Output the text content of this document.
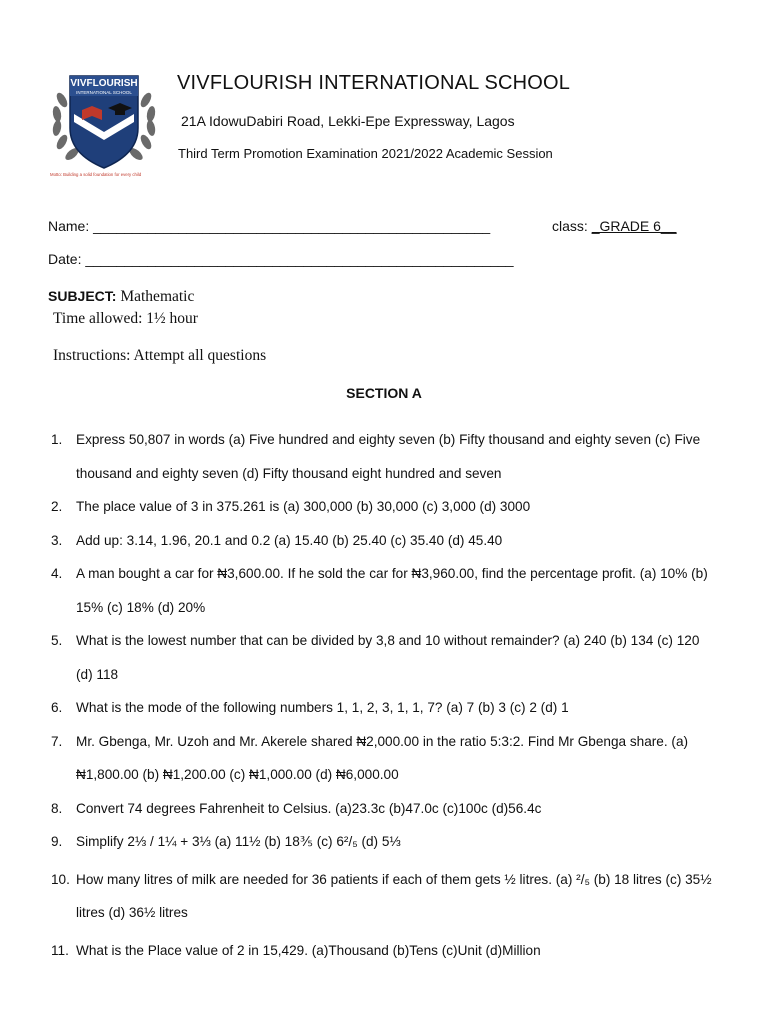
VIVFLOURISH
INTERNATIONAL SCHOOL
Motto: Building a solid foundation for every child
VIVFLOURISH INTERNATIONAL SCHOOL
21A IdowuDabiri Road, Lekki-Epe Expressway, Lagos
Third Term Promotion Examination 2021/2022 Academic Session
Name: ___________________________________________________	class: _GRADE 6__
Date: _______________________________________________________
SUBJECT: Mathematic
Time allowed: 1½ hour
Instructions: Attempt all questions
SECTION A
1. Express 50,807 in words (a) Five hundred and eighty seven (b) Fifty thousand and eighty seven (c) Five thousand and eighty seven (d) Fifty thousand eight hundred and seven
2. The place value of 3 in 375.261 is (a) 300,000 (b) 30,000 (c) 3,000 (d) 3000
3. Add up: 3.14, 1.96, 20.1 and 0.2 (a) 15.40 (b) 25.40 (c) 35.40 (d) 45.40
4. A man bought a car for ₦3,600.00. If he sold the car for ₦3,960.00, find the percentage profit. (a) 10% (b) 15% (c) 18% (d) 20%
5. What is the lowest number that can be divided by 3,8 and 10 without remainder? (a) 240 (b) 134 (c) 120 (d) 118
6. What is the mode of the following numbers 1, 1, 2, 3, 1, 1, 7? (a) 7 (b) 3 (c) 2 (d) 1
7. Mr. Gbenga, Mr. Uzoh and Mr. Akerele shared ₦2,000.00 in the ratio 5:3:2. Find Mr Gbenga share. (a) ₦1,800.00 (b) ₦1,200.00 (c) ₦1,000.00 (d) ₦6,000.00
8. Convert 74 degrees Fahrenheit to Celsius. (a)23.3c (b)47.0c (c)100c (d)56.4c
9. Simplify 2⅓ / 1¼ + 3⅓ (a) 11½ (b) 18⅗ (c) 6²/₅ (d) 5⅓
10. How many litres of milk are needed for 36 patients if each of them gets ½ litres. (a) ²/₅ (b) 18 litres (c) 35½ litres (d) 36½ litres
11. What is the Place value of 2 in 15,429. (a)Thousand (b)Tens (c)Unit (d)Million
